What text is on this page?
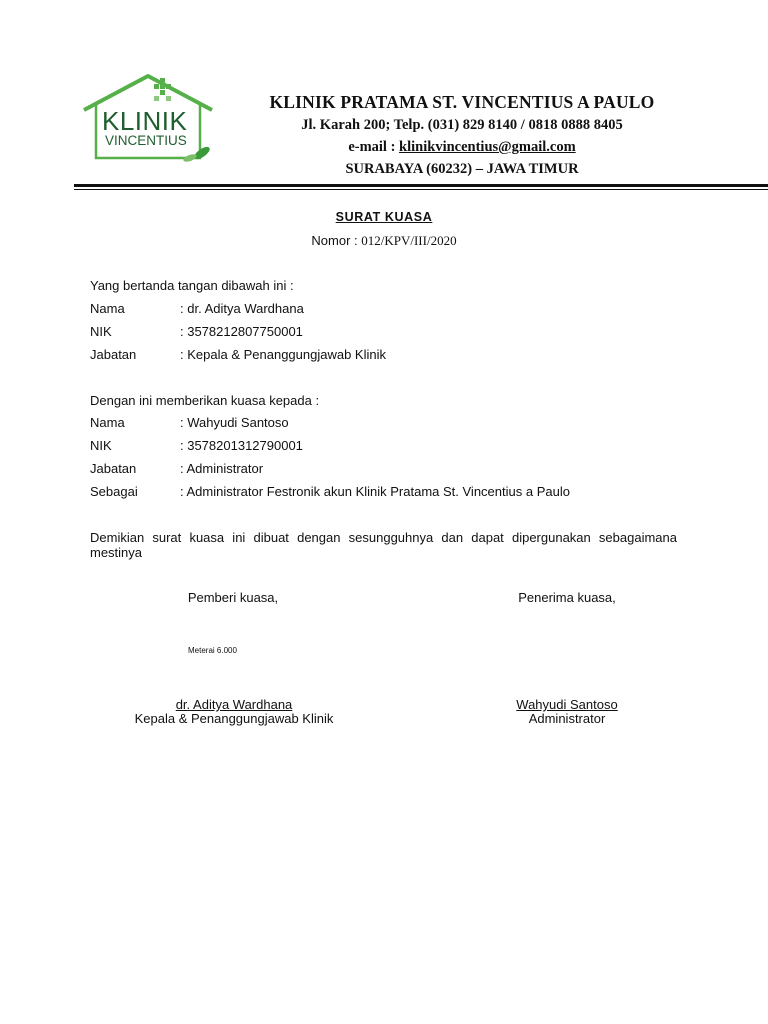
KLINIK
VINCENTIUS
KLINIK PRATAMA ST. VINCENTIUS A PAULO
Jl. Karah 200; Telp. (031) 829 8140 / 0818 0888 8405
e-mail : klinikvincentius@gmail.com
SURABAYA (60232) – JAWA TIMUR
SURAT KUASA
Nomor : 012/KPV/III/2020
Yang bertanda tangan dibawah ini :
Nama	: dr. Aditya Wardhana
NIK	: 3578212807750001
Jabatan	: Kepala & Penanggungjawab Klinik
Dengan ini memberikan kuasa kepada :
Nama	: Wahyudi Santoso
NIK	: 3578201312790001
Jabatan	: Administrator
Sebagai	: Administrator Festronik akun Klinik Pratama St. Vincentius a Paulo
Demikian surat kuasa ini dibuat dengan sesungguhnya dan dapat dipergunakan sebagaimana mestinya
Pemberi kuasa,	Penerima kuasa,
Meterai 6.000
dr. Aditya Wardhana
Kepala & Penanggungjawab Klinik
Wahyudi Santoso
Administrator
